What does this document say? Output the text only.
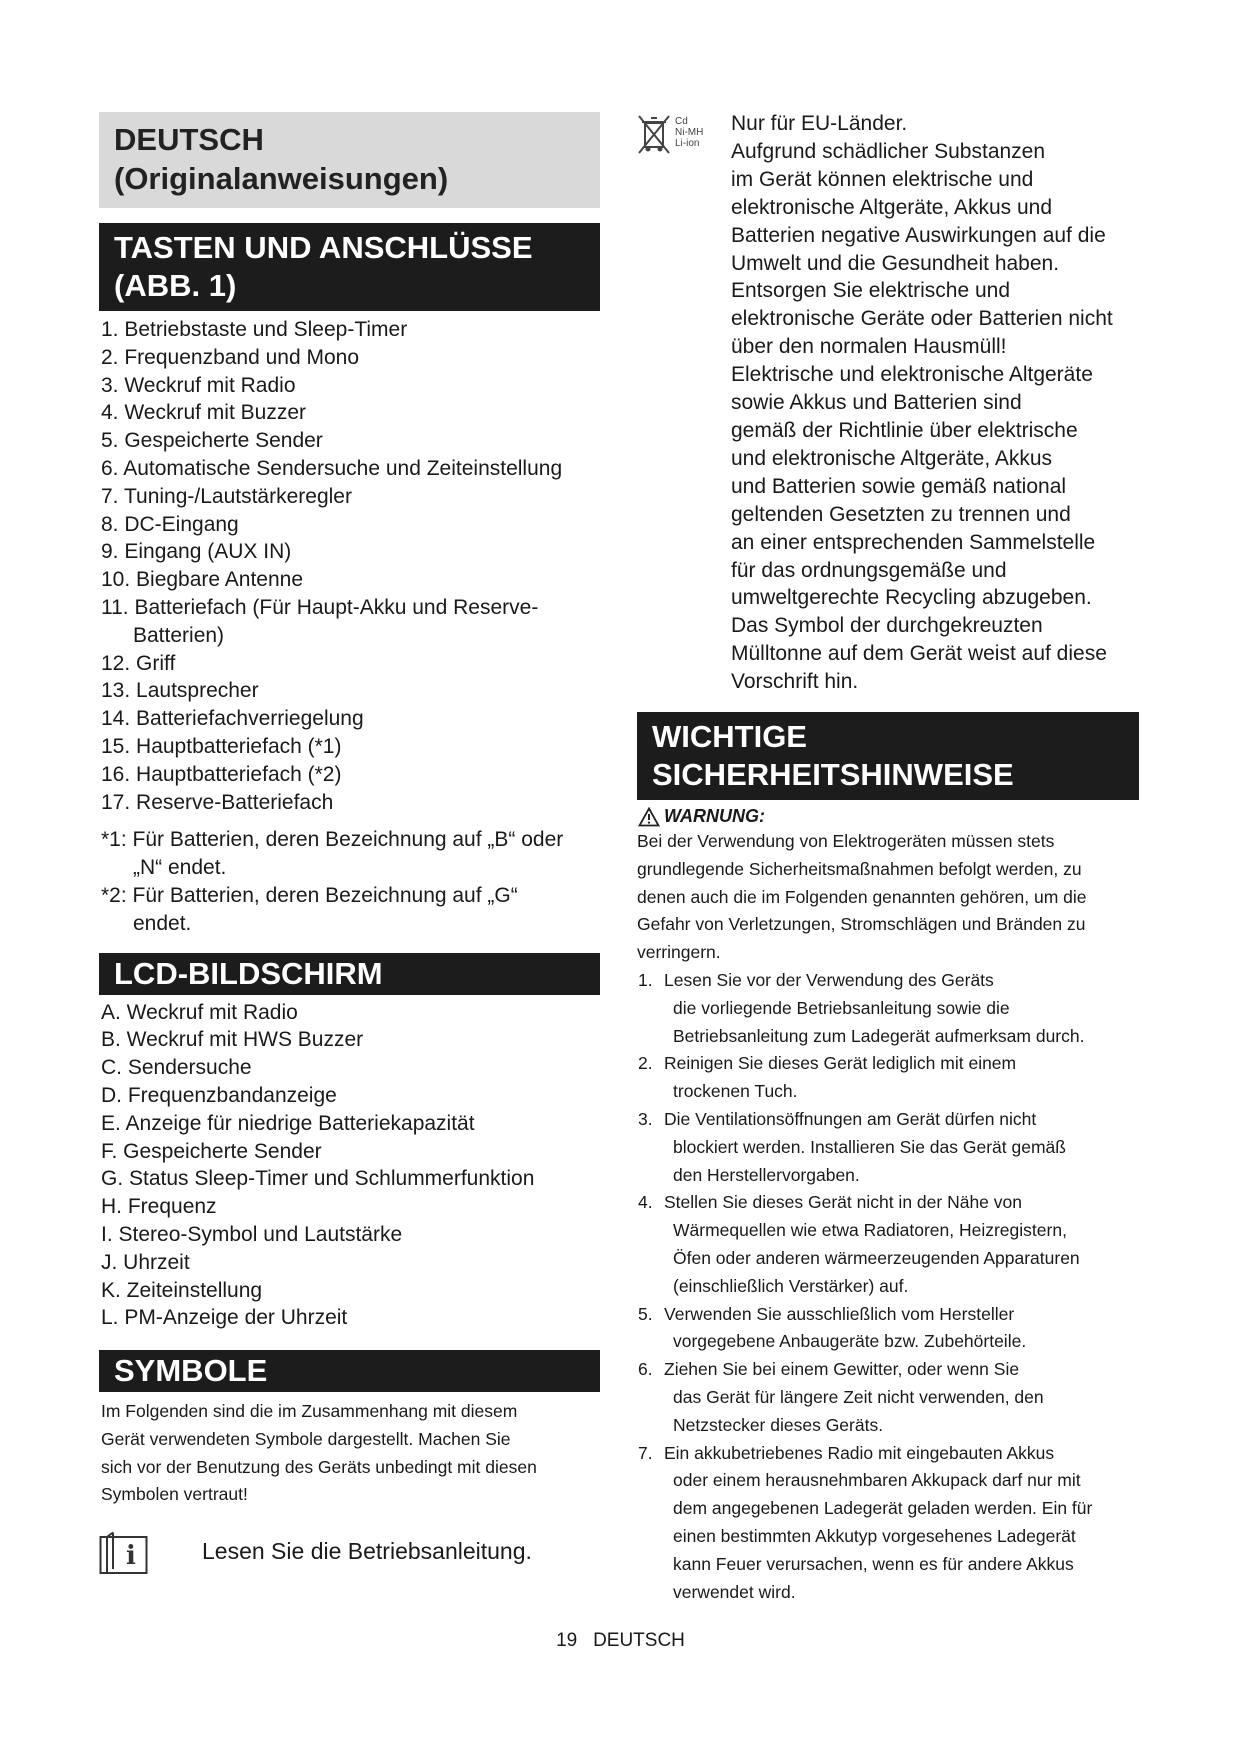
DEUTSCH
(Originalanweisungen)
TASTEN UND ANSCHLÜSSE
(ABB. 1)
1. Betriebstaste und Sleep-Timer
2. Frequenzband und Mono
3. Weckruf mit Radio
4. Weckruf mit Buzzer
5. Gespeicherte Sender
6. Automatische Sendersuche und Zeiteinstellung
7. Tuning-/Lautstärkeregler
8. DC-Eingang
9. Eingang (AUX IN)
10. Biegbare Antenne
11. Batteriefach (Für Haupt-Akku und Reserve-
Batterien)
12. Griff
13. Lautsprecher
14. Batteriefachverriegelung
15. Hauptbatteriefach (*1)
16. Hauptbatteriefach (*2)
17. Reserve-Batteriefach
*1: Für Batterien, deren Bezeichnung auf „B“ oder
„N“ endet.
*2: Für Batterien, deren Bezeichnung auf „G“
endet.
LCD-BILDSCHIRM
A. Weckruf mit Radio
B. Weckruf mit HWS Buzzer
C. Sendersuche
D. Frequenzbandanzeige
E. Anzeige für niedrige Batteriekapazität
F. Gespeicherte Sender
G. Status Sleep-Timer und Schlummerfunktion
H. Frequenz
I. Stereo-Symbol und Lautstärke
J. Uhrzeit
K. Zeiteinstellung
L. PM-Anzeige der Uhrzeit
SYMBOLE
Im Folgenden sind die im Zusammenhang mit diesem
Gerät verwendeten Symbole dargestellt. Machen Sie
sich vor der Benutzung des Geräts unbedingt mit diesen
Symbolen vertraut!
i	Lesen Sie die Betriebsanleitung.
Cd
Ni-MH
Li-ion
Nur für EU-Länder.
Aufgrund schädlicher Substanzen
im Gerät können elektrische und
elektronische Altgeräte, Akkus und
Batterien negative Auswirkungen auf die
Umwelt und die Gesundheit haben.
Entsorgen Sie elektrische und
elektronische Geräte oder Batterien nicht
über den normalen Hausmüll!
Elektrische und elektronische Altgeräte
sowie Akkus und Batterien sind
gemäß der Richtlinie über elektrische
und elektronische Altgeräte, Akkus
und Batterien sowie gemäß national
geltenden Gesetzten zu trennen und
an einer entsprechenden Sammelstelle
für das ordnungsgemäße und
umweltgerechte Recycling abzugeben.
Das Symbol der durchgekreuzten
Mülltonne auf dem Gerät weist auf diese
Vorschrift hin.
WICHTIGE
SICHERHEITSHINWEISE
WARNUNG:
Bei der Verwendung von Elektrogeräten müssen stets
grundlegende Sicherheitsmaßnahmen befolgt werden, zu
denen auch die im Folgenden genannten gehören, um die
Gefahr von Verletzungen, Stromschlägen und Bränden zu
verringern.
1. Lesen Sie vor der Verwendung des Geräts
die vorliegende Betriebsanleitung sowie die
Betriebsanleitung zum Ladegerät aufmerksam durch.
2. Reinigen Sie dieses Gerät lediglich mit einem
trockenen Tuch.
3. Die Ventilationsöffnungen am Gerät dürfen nicht
blockiert werden. Installieren Sie das Gerät gemäß
den Herstellervorgaben.
4. Stellen Sie dieses Gerät nicht in der Nähe von
Wärmequellen wie etwa Radiatoren, Heizregistern,
Öfen oder anderen wärmeerzeugenden Apparaturen
(einschließlich Verstärker) auf.
5. Verwenden Sie ausschließlich vom Hersteller
vorgegebene Anbaugeräte bzw. Zubehörteile.
6. Ziehen Sie bei einem Gewitter, oder wenn Sie
das Gerät für längere Zeit nicht verwenden, den
Netzstecker dieses Geräts.
7. Ein akkubetriebenes Radio mit eingebauten Akkus
oder einem herausnehmbaren Akkupack darf nur mit
dem angegebenen Ladegerät geladen werden. Ein für
einen bestimmten Akkutyp vorgesehenes Ladegerät
kann Feuer verursachen, wenn es für andere Akkus
verwendet wird.
19 DEUTSCH
